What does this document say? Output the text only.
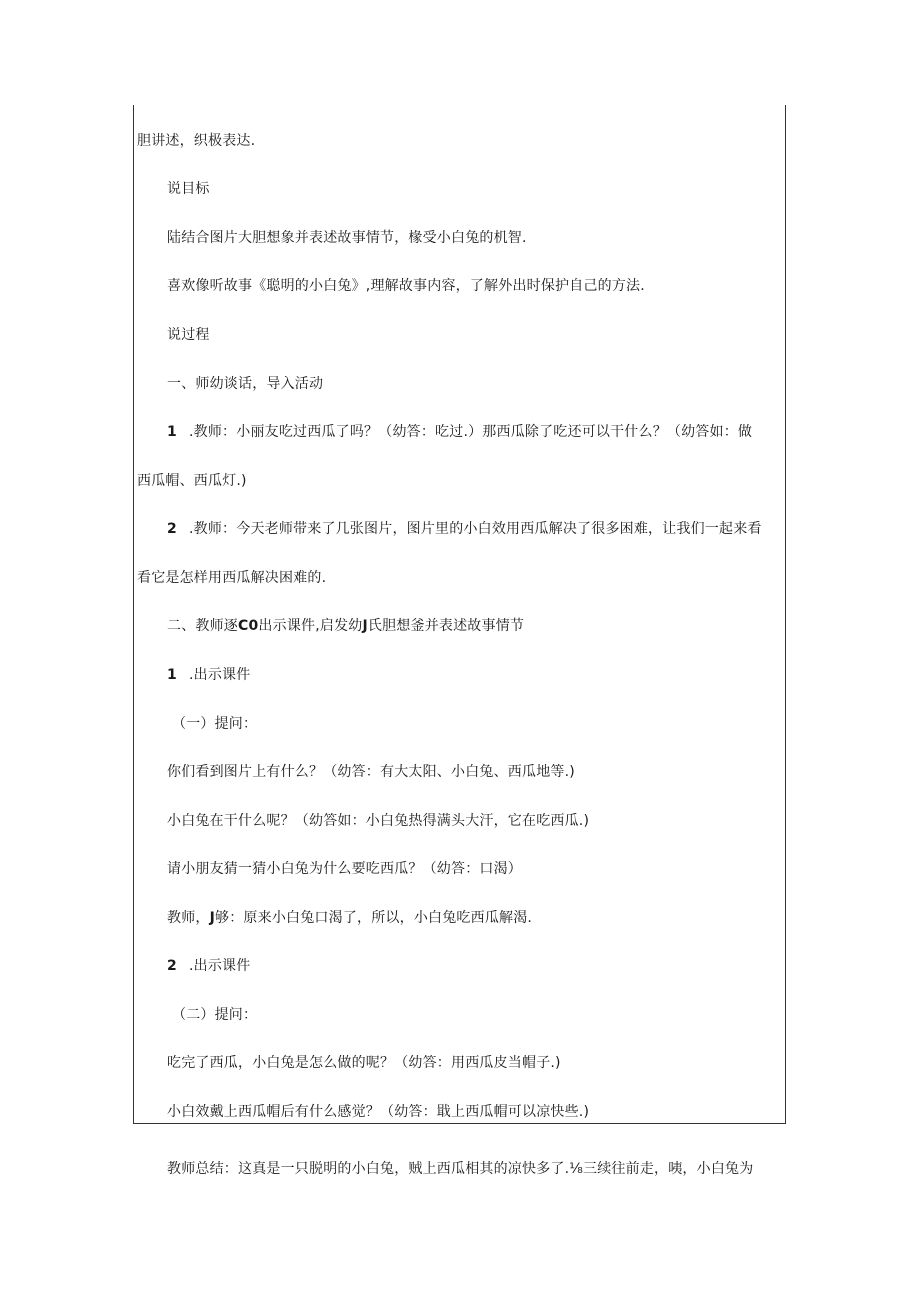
胆讲述，织极表达.
说目标
陆结合图片大胆想象并表述故事情节，椽受小白兔的机智.
喜欢像听故事《聪明的小白兔》,理解故事内容，了解外出时保护自己的方法.
说过程
一、师幼谈话，导入活动
1 .教师：小丽友吃过西瓜了吗？（幼答：吃过.）那西瓜除了吃还可以干什么？（幼答如：做
西瓜帽、西瓜灯.)
2 .教师：今天老师带来了几张图片，图片里的小白效用西瓜解决了很多困难，让我们一起来看
看它是怎样用西瓜解决困难的.
二、教师逐C0出示课件,启发幼J氏胆想釜并表述故事情节
1 .出示课件
（一）提问：
你们看到图片上有什么？（幼答：有大太阳、小白兔、西瓜地等.)
小白兔在干什么呢？（幼答如：小白兔热得满头大汗，它在吃西瓜.)
请小朋友猜一猜小白兔为什么要吃西瓜？（幼答：口渴）
教师，J够：原来小白兔口渴了，所以，小白兔吃西瓜解渴.
2 .出示课件
（二）提问：
吃完了西瓜，小白兔是怎么做的呢？（幼答：用西瓜皮当帽子.)
小白效戴上西瓜帽后有什么感觉？（幼答：戢上西瓜帽可以凉快些.)
教师总结：这真是一只脱明的小白兔，贼上西瓜相其的凉快多了.⅛三续往前走，咦，小白兔为
